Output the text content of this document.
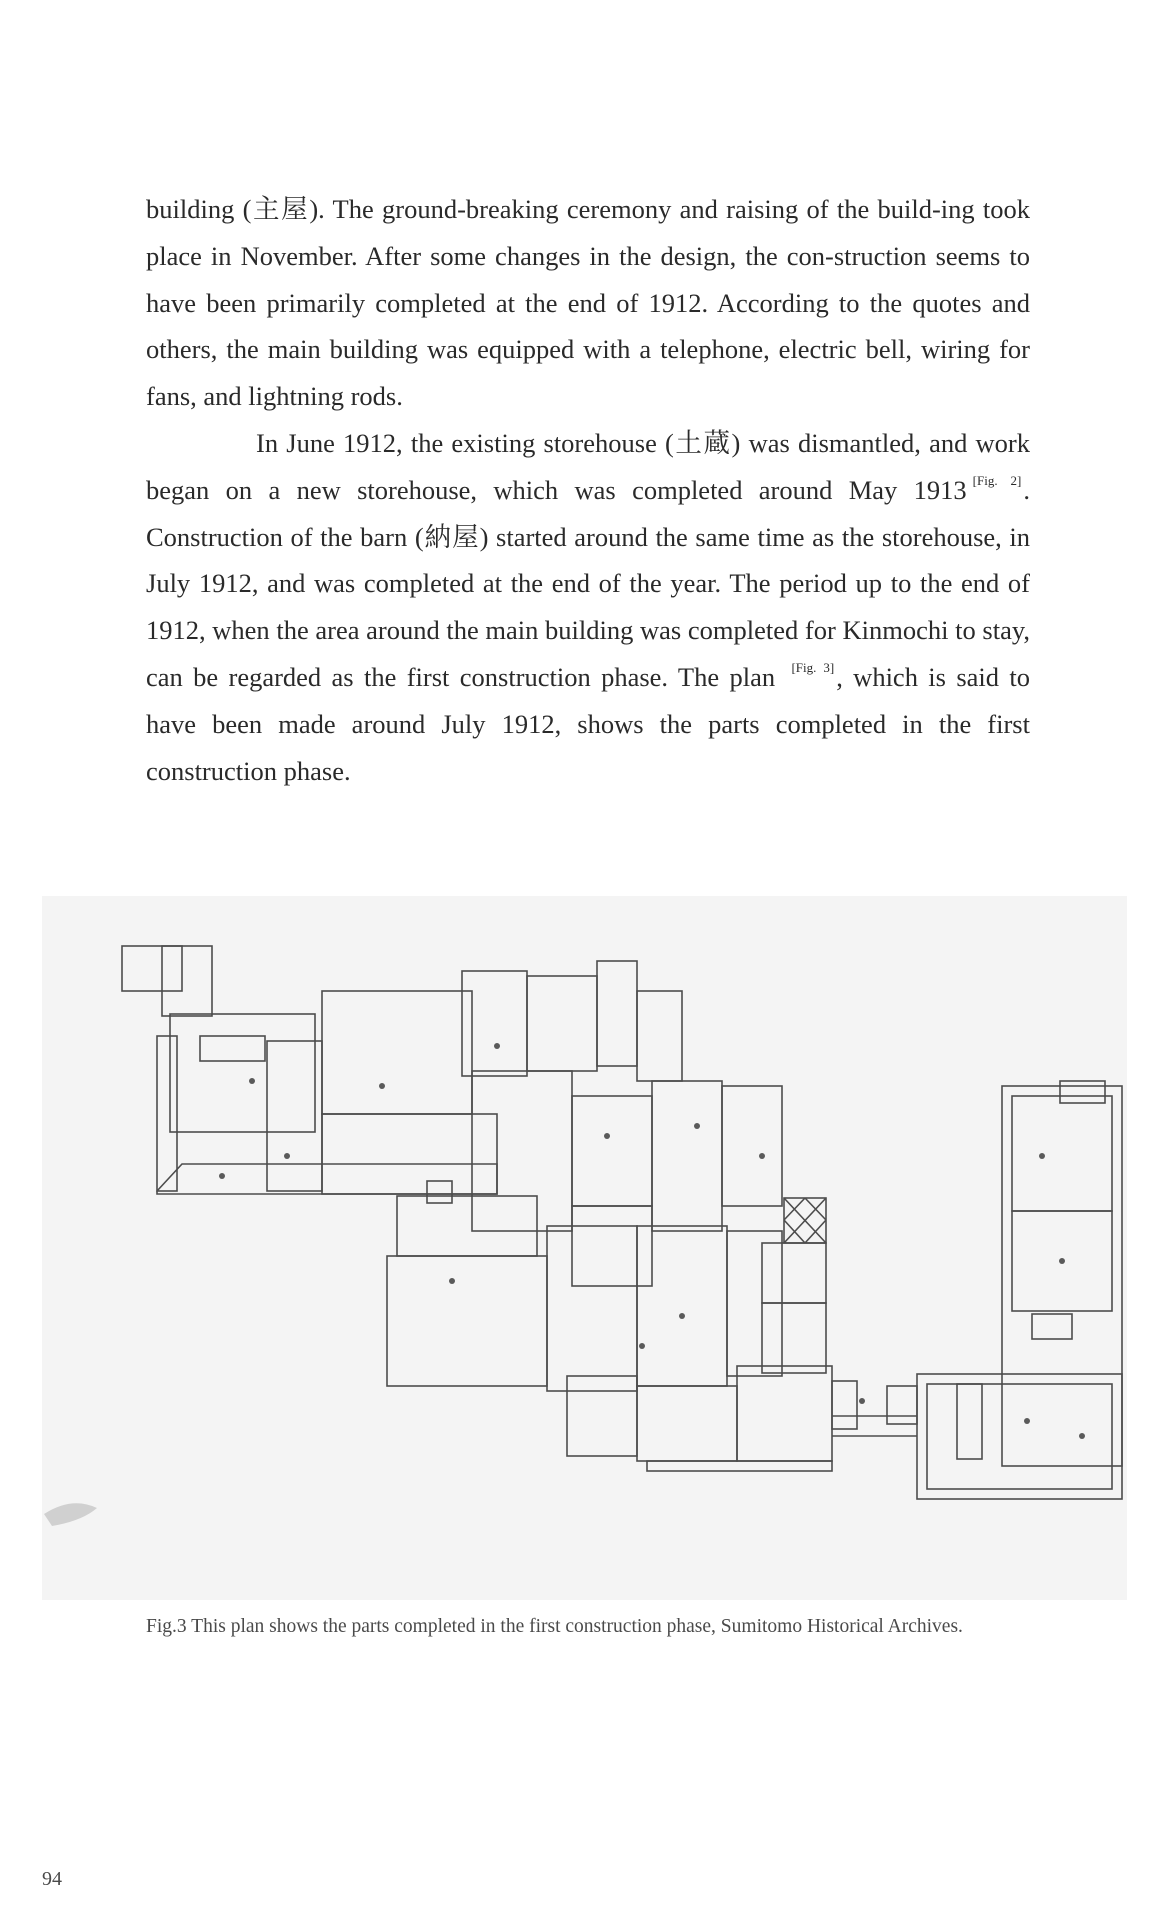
building (主屋). The ground-breaking ceremony and raising of the build-ing took place in November. After some changes in the design, the con-struction seems to have been primarily completed at the end of 1912. According to the quotes and others, the main building was equipped with a telephone, electric bell, wiring for fans, and lightning rods.

In June 1912, the existing storehouse (土蔵) was dismantled, and work began on a new storehouse, which was completed around May 1913 [Fig. 2]. Construction of the barn (納屋) started around the same time as the storehouse, in July 1912, and was completed at the end of the year. The period up to the end of 1912, when the area around the main building was completed for Kinmochi to stay, can be regarded as the first construction phase. The plan [Fig. 3], which is said to have been made around July 1912, shows the parts completed in the first construction phase.

Fig.3 This plan shows the parts completed in the first construction phase, Sumitomo Historical Archives.
94
